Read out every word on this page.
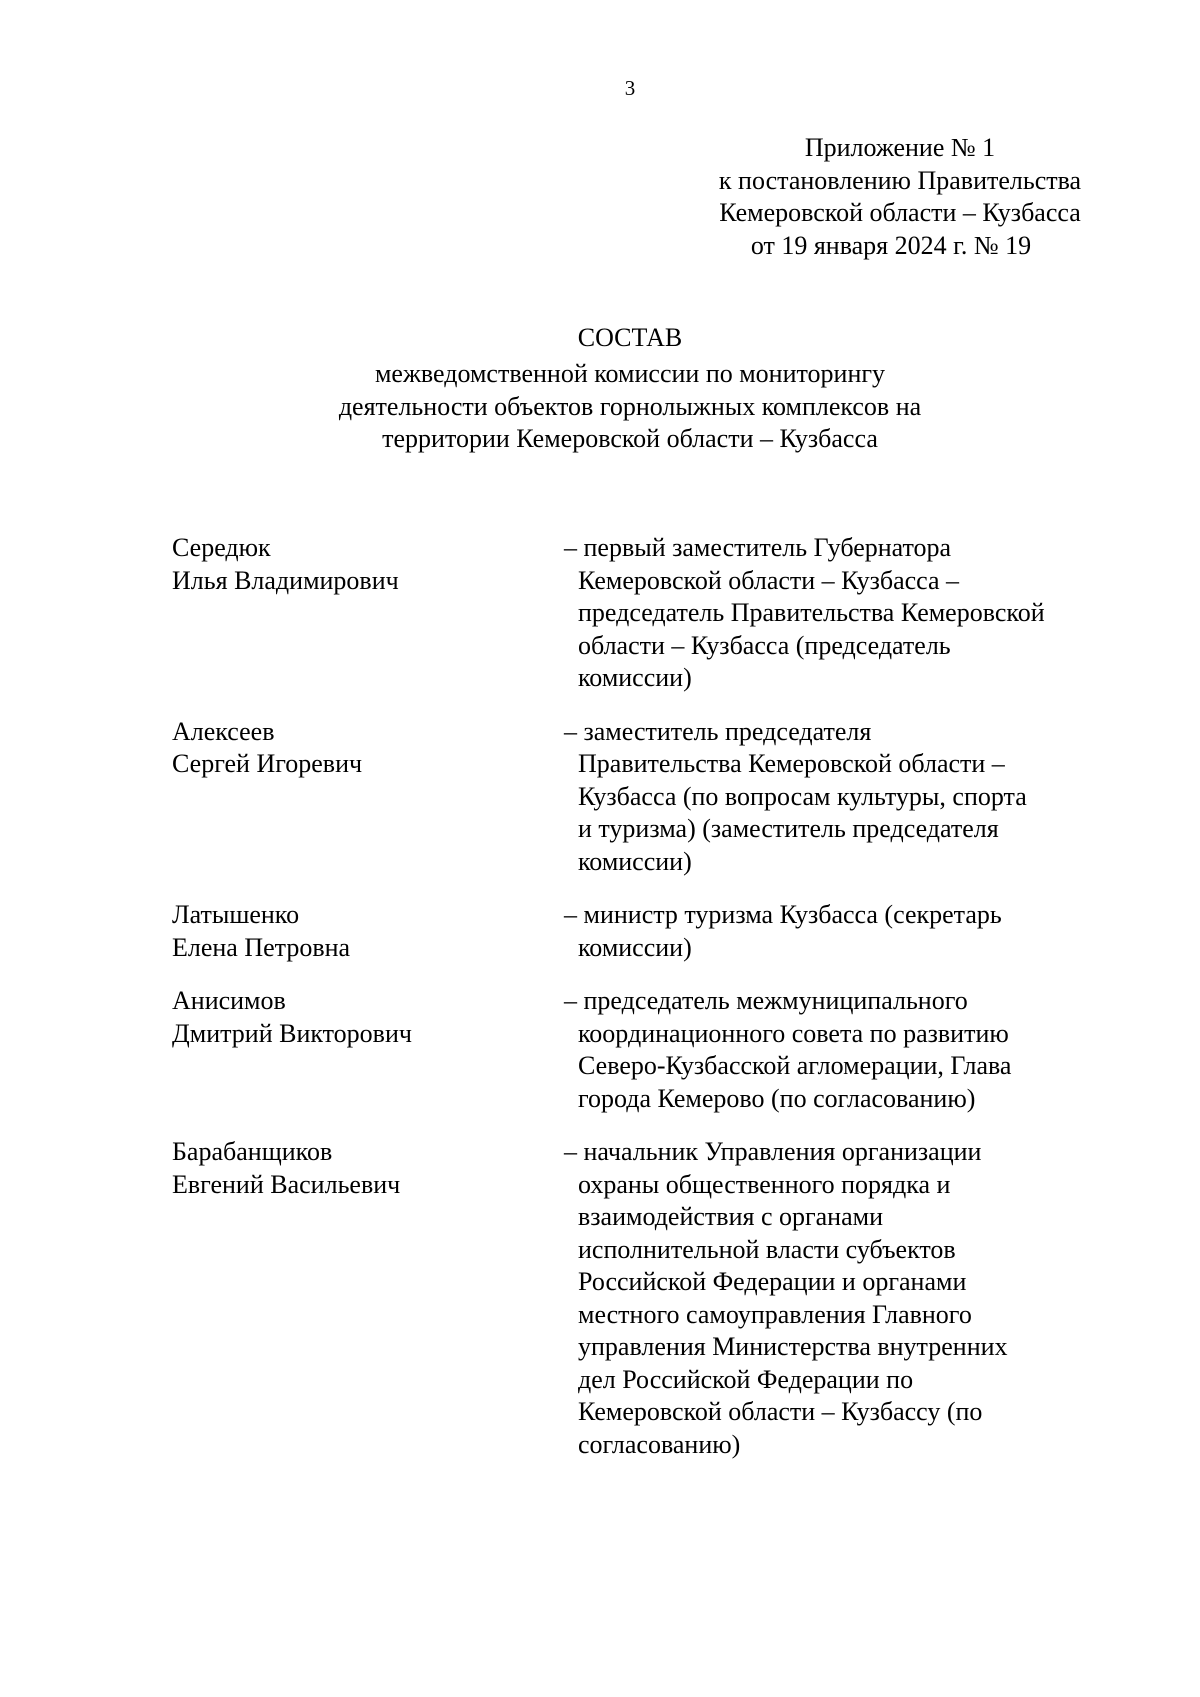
3
Приложение № 1
к постановлению Правительства
Кемеровской области – Кузбасса
от 19 января 2024 г. № 19
СОСТАВ
межведомственной комиссии по мониторингу
деятельности объектов горнолыжных комплексов на
территории Кемеровской области – Кузбасса
Середюк
Илья Владимирович
– первый заместитель Губернатора
Кемеровской области – Кузбасса –
председатель Правительства Кемеровской
области – Кузбасса (председатель
комиссии)
Алексеев
Сергей Игоревич
– заместитель председателя
Правительства Кемеровской области –
Кузбасса (по вопросам культуры, спорта
и туризма) (заместитель председателя
комиссии)
Латышенко
Елена Петровна
– министр туризма Кузбасса (секретарь
комиссии)
Анисимов
Дмитрий Викторович
– председатель межмуниципального
координационного совета по развитию
Северо-Кузбасской агломерации, Глава
города Кемерово (по согласованию)
Барабанщиков
Евгений Васильевич
– начальник Управления организации
охраны общественного порядка и
взаимодействия с органами
исполнительной власти субъектов
Российской Федерации и органами
местного самоуправления Главного
управления Министерства внутренних
дел Российской Федерации по
Кемеровской области – Кузбассу (по
согласованию)
